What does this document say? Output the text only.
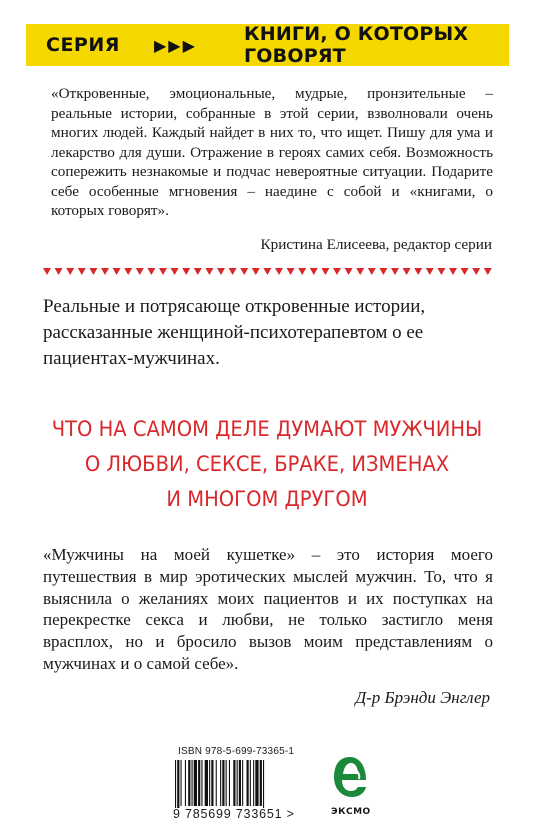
СЕРИЯ ▶▶▶ КНИГИ, О КОТОРЫХ ГОВОРЯТ
«Откровенные, эмоциональные, мудрые, пронзительные – реальные истории, собранные в этой серии, взволновали очень многих людей. Каждый найдет в них то, что ищет. Пишу для ума и лекарство для души. Отражение в героях самих себя. Возможность сопережить незнакомые и подчас невероятные ситуации. Подарите себе особенные мгновения – наедине с собой и «книгами, о которых говорят».
Кристина Елисеева, редактор серии
Реальные и потрясающе откровенные истории, рассказанные женщиной-психотерапевтом о ее пациентах-мужчинах.
ЧТО НА САМОМ ДЕЛЕ ДУМАЮТ МУЖЧИНЫ
О ЛЮБВИ, СЕКСЕ, БРАКЕ, ИЗМЕНАХ
И МНОГОМ ДРУГОМ
«Мужчины на моей кушетке» – это история моего путешествия в мир эротических мыслей мужчин. То, что я выяснила о желаниях моих пациентов и их поступках на перекрестке секса и любви, не только застигло меня врасплох, но и бросило вызов моим представлениям о мужчинах и о самой себе».
Д-р Брэнди Энглер
ISBN 978-5-699-73365-1
9 785699 733651 >	ЭКСМО
